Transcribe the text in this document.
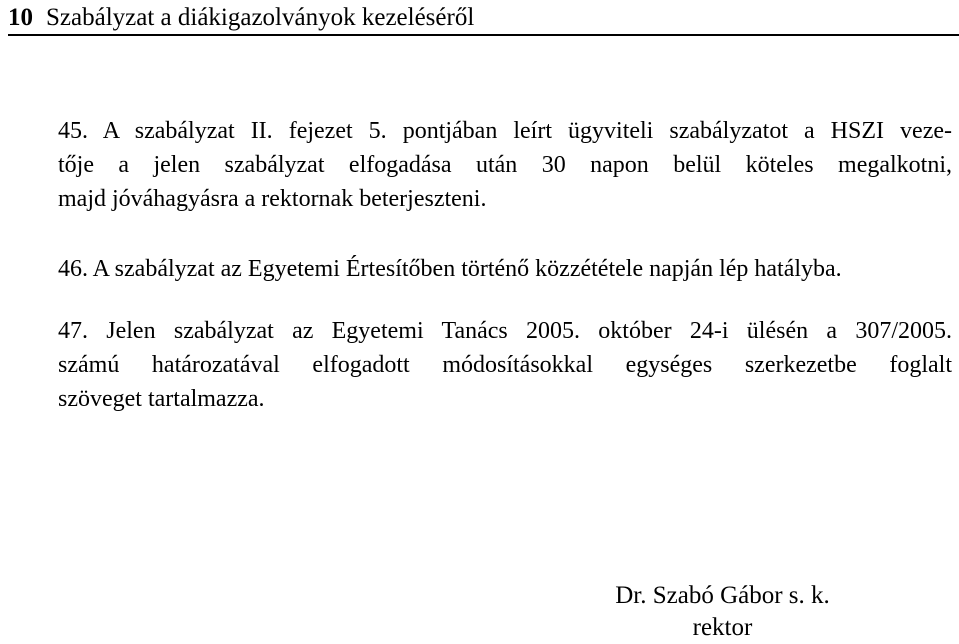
10 Szabályzat a diákigazolványok kezeléséről
45. A szabályzat II. fejezet 5. pontjában leírt ügyviteli szabályzatot a HSZI veze-
tője a jelen szabályzat elfogadása után 30 napon belül köteles megalkotni,
majd jóváhagyásra a rektornak beterjeszteni.
46. A szabályzat az Egyetemi Értesítőben történő közzététele napján lép hatályba.
47. Jelen szabályzat az Egyetemi Tanács 2005. október 24-i ülésén a 307/2005.
számú határozatával elfogadott módosításokkal egységes szerkezetbe foglalt
szöveget tartalmazza.
Dr. Szabó Gábor s. k.
rektor
